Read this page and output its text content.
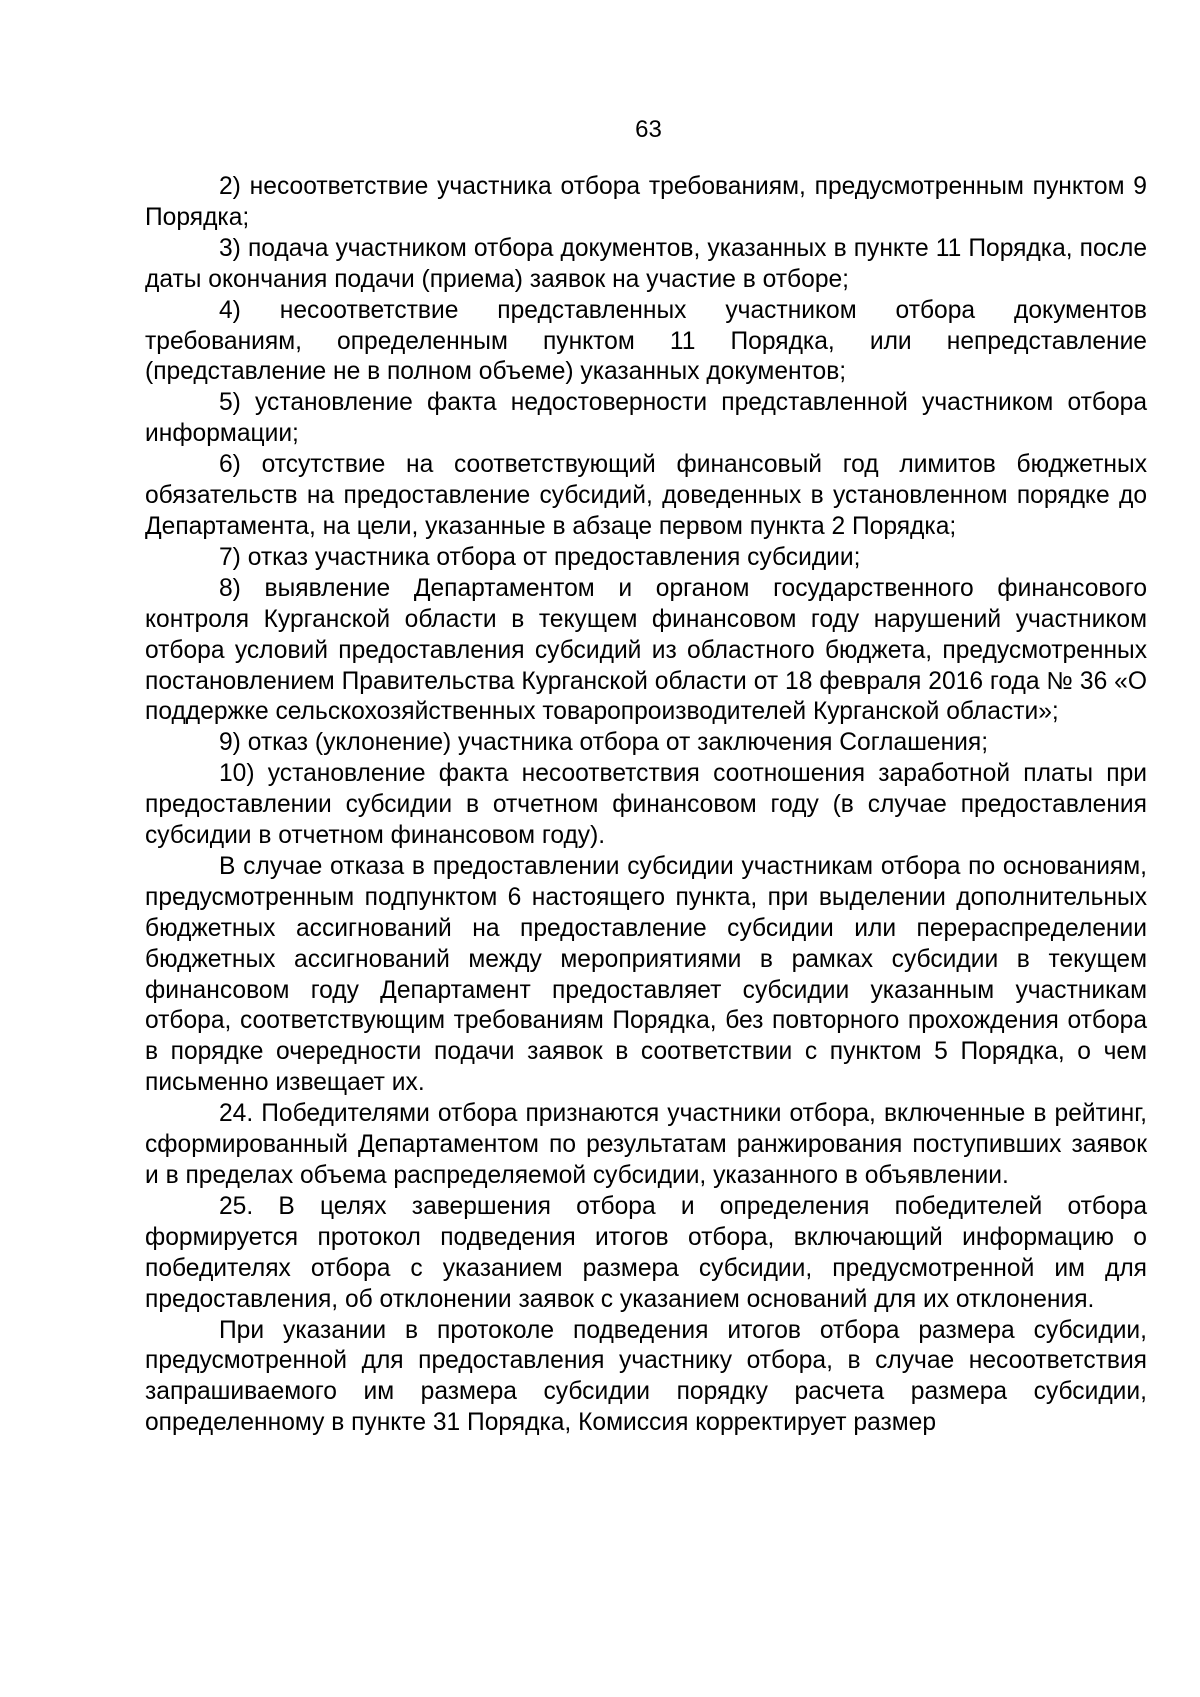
63

2) несоответствие участника отбора требованиям, предусмотренным пунктом 9 Порядка;

3) подача участником отбора документов, указанных в пункте 11 Порядка, после даты окончания подачи (приема) заявок на участие в отборе;

4) несоответствие представленных участником отбора документов требованиям, определенным пунктом 11 Порядка, или непредставление (представление не в полном объеме) указанных документов;

5) установление факта недостоверности представленной участником отбора информации;

6) отсутствие на соответствующий финансовый год лимитов бюджетных обязательств на предоставление субсидий, доведенных в установленном порядке до Департамента, на цели, указанные в абзаце первом пункта 2 Порядка;

7) отказ участника отбора от предоставления субсидии;

8) выявление Департаментом и органом государственного финансового контроля Курганской области в текущем финансовом году нарушений участником отбора условий предоставления субсидий из областного бюджета, предусмотренных постановлением Правительства Курганской области от 18 февраля 2016 года № 36 «О поддержке сельскохозяйственных товаропроизводителей Курганской области»;

9) отказ (уклонение) участника отбора от заключения Соглашения;

10) установление факта несоответствия соотношения заработной платы при предоставлении субсидии в отчетном финансовом году (в случае предоставления субсидии в отчетном финансовом году).

В случае отказа в предоставлении субсидии участникам отбора по основаниям, предусмотренным подпунктом 6 настоящего пункта, при выделении дополнительных бюджетных ассигнований на предоставление субсидии или перераспределении бюджетных ассигнований между мероприятиями в рамках субсидии в текущем финансовом году Департамент предоставляет субсидии указанным участникам отбора, соответствующим требованиям Порядка, без повторного прохождения отбора в порядке очередности подачи заявок в соответствии с пунктом 5 Порядка, о чем письменно извещает их.

24. Победителями отбора признаются участники отбора, включенные в рейтинг, сформированный Департаментом по результатам ранжирования поступивших заявок и в пределах объема распределяемой субсидии, указанного в объявлении.

25. В целях завершения отбора и определения победителей отбора формируется протокол подведения итогов отбора, включающий информацию о победителях отбора с указанием размера субсидии, предусмотренной им для предоставления, об отклонении заявок с указанием оснований для их отклонения.

При указании в протоколе подведения итогов отбора размера субсидии, предусмотренной для предоставления участнику отбора, в случае несоответствия запрашиваемого им размера субсидии порядку расчета размера субсидии, определенному в пункте 31 Порядка, Комиссия корректирует размер
